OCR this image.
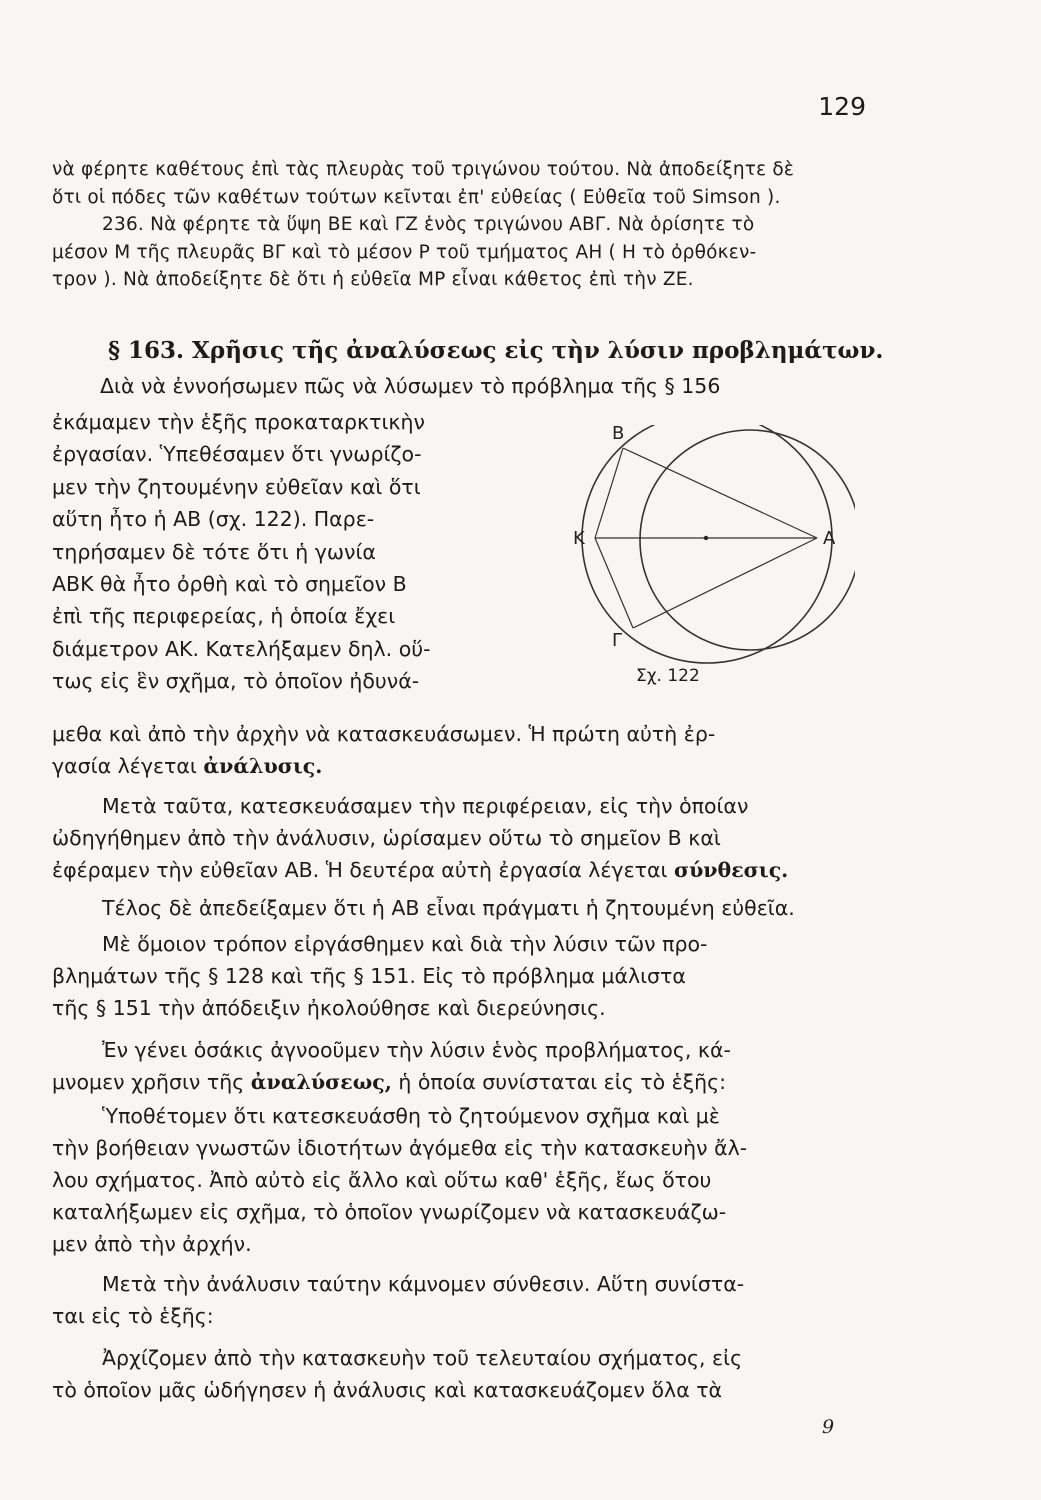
129
νὰ φέρητε καθέτους ἐπὶ τὰς πλευρὰς τοῦ τριγώνου τούτου. Νὰ ἀποδείξητε δὲ
ὅτι οἱ πόδες τῶν καθέτων τούτων κεῖνται ἐπ' εὐθείας ( Εὐθεῖα τοῦ Simson ).
236. Νὰ φέρητε τὰ ὕψη ΒΕ καὶ ΓΖ ἑνὸς τριγώνου ΑΒΓ. Νὰ ὁρίσητε τὸ
μέσον Μ τῆς πλευρᾶς ΒΓ καὶ τὸ μέσον Ρ τοῦ τμήματος ΑΗ ( Η τὸ ὀρθόκεν-
τρον ). Νὰ ἀποδείξητε δὲ ὅτι ἡ εὐθεῖα ΜΡ εἶναι κάθετος ἐπὶ τὴν ΖΕ.
§ 163. Χρῆσις τῆς ἀναλύσεως εἰς τὴν λύσιν προβλημάτων.
Διὰ νὰ ἐννοήσωμεν πῶς νὰ λύσωμεν τὸ πρόβλημα τῆς § 156
ἐκάμαμεν τὴν ἑξῆς προκαταρκτικὴν
ἐργασίαν. Ὑπεθέσαμεν ὅτι γνωρίζο-
μεν τὴν ζητουμένην εὐθεῖαν καὶ ὅτι
αὕτη ἦτο ἡ ΑΒ (σχ. 122). Παρε-
τηρήσαμεν δὲ τότε ὅτι ἡ γωνία
ΑΒΚ θὰ ἦτο ὀρθὴ καὶ τὸ σημεῖον Β
ἐπὶ τῆς περιφερείας, ἡ ὁποία ἔχει
διάμετρον ΑΚ. Κατελήξαμεν δηλ. οὕ-
τως εἰς ἓν σχῆμα, τὸ ὁποῖον ἠδυνά-
Β
Κ	Α
Γ
Σχ. 122
μεθα καὶ ἀπὸ τὴν ἀρχὴν νὰ κατασκευάσωμεν. Ἡ πρώτη αὐτὴ ἐρ-
γασία λέγεται ἀνάλυσις.
Μετὰ ταῦτα, κατεσκευάσαμεν τὴν περιφέρειαν, εἰς τὴν ὁποίαν
ὠδηγήθημεν ἀπὸ τὴν ἀνάλυσιν, ὡρίσαμεν οὕτω τὸ σημεῖον Β καὶ
ἐφέραμεν τὴν εὐθεῖαν ΑΒ. Ἡ δευτέρα αὐτὴ ἐργασία λέγεται σύνθεσις.
Τέλος δὲ ἀπεδείξαμεν ὅτι ἡ ΑΒ εἶναι πράγματι ἡ ζητουμένη εὐθεῖα.
Μὲ ὅμοιον τρόπον εἰργάσθημεν καὶ διὰ τὴν λύσιν τῶν προ-
βλημάτων τῆς § 128 καὶ τῆς § 151. Εἰς τὸ πρόβλημα μάλιστα
τῆς § 151 τὴν ἀπόδειξιν ἠκολούθησε καὶ διερεύνησις.
Ἐν γένει ὁσάκις ἀγνοοῦμεν τὴν λύσιν ἑνὸς προβλήματος, κά-
μνομεν χρῆσιν τῆς ἀναλύσεως, ἡ ὁποία συνίσταται εἰς τὸ ἑξῆς:
Ὑποθέτομεν ὅτι κατεσκευάσθη τὸ ζητούμενον σχῆμα καὶ μὲ
τὴν βοήθειαν γνωστῶν ἰδιοτήτων ἀγόμεθα εἰς τὴν κατασκευὴν ἄλ-
λου σχήματος. Ἀπὸ αὐτὸ εἰς ἄλλο καὶ οὕτω καθ' ἑξῆς, ἕως ὅτου
καταλήξωμεν εἰς σχῆμα, τὸ ὁποῖον γνωρίζομεν νὰ κατασκευάζω-
μεν ἀπὸ τὴν ἀρχήν.
Μετὰ τὴν ἀνάλυσιν ταύτην κάμνομεν σύνθεσιν. Αὕτη συνίστα-
ται εἰς τὸ ἑξῆς:
Ἀρχίζομεν ἀπὸ τὴν κατασκευὴν τοῦ τελευταίου σχήματος, εἰς
τὸ ὁποῖον μᾶς ὡδήγησεν ἡ ἀνάλυσις καὶ κατασκευάζομεν ὅλα τὰ
9
